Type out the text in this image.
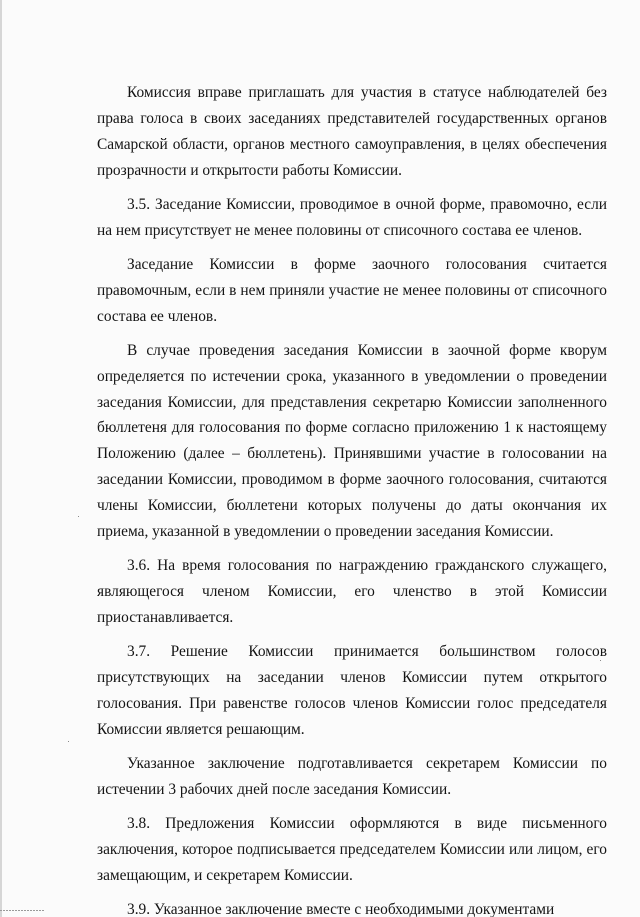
Комиссия вправе приглашать для участия в статусе наблюдателей без права голоса в своих заседаниях представителей государственных органов Самарской области, органов местного самоуправления, в целях обеспечения прозрачности и открытости работы Комиссии.

3.5. Заседание Комиссии, проводимое в очной форме, правомочно, если на нем присутствует не менее половины от списочного состава ее членов.

Заседание Комиссии в форме заочного голосования считается правомочным, если в нем приняли участие не менее половины от списочного состава ее членов.

В случае проведения заседания Комиссии в заочной форме кворум определяется по истечении срока, указанного в уведомлении о проведении заседания Комиссии, для представления секретарю Комиссии заполненного бюллетеня для голосования по форме согласно приложению 1 к настоящему Положению (далее – бюллетень). Принявшими участие в голосовании на заседании Комиссии, проводимом в форме заочного голосования, считаются члены Комиссии, бюллетени которых получены до даты окончания их приема, указанной в уведомлении о проведении заседания Комиссии.

3.6. На время голосования по награждению гражданского служащего, являющегося членом Комиссии, его членство в этой Комиссии приостанавливается.

3.7. Решение Комиссии принимается большинством голосов присутствующих на заседании членов Комиссии путем открытого голосования. При равенстве голосов членов Комиссии голос председателя Комиссии является решающим.

Указанное заключение подготавливается секретарем Комиссии по истечении 3 рабочих дней после заседания Комиссии.

3.8. Предложения Комиссии оформляются в виде письменного заключения, которое подписывается председателем Комиссии или лицом, его замещающим, и секретарем Комиссии.

3.9. Указанное заключение вместе с необходимыми документами
